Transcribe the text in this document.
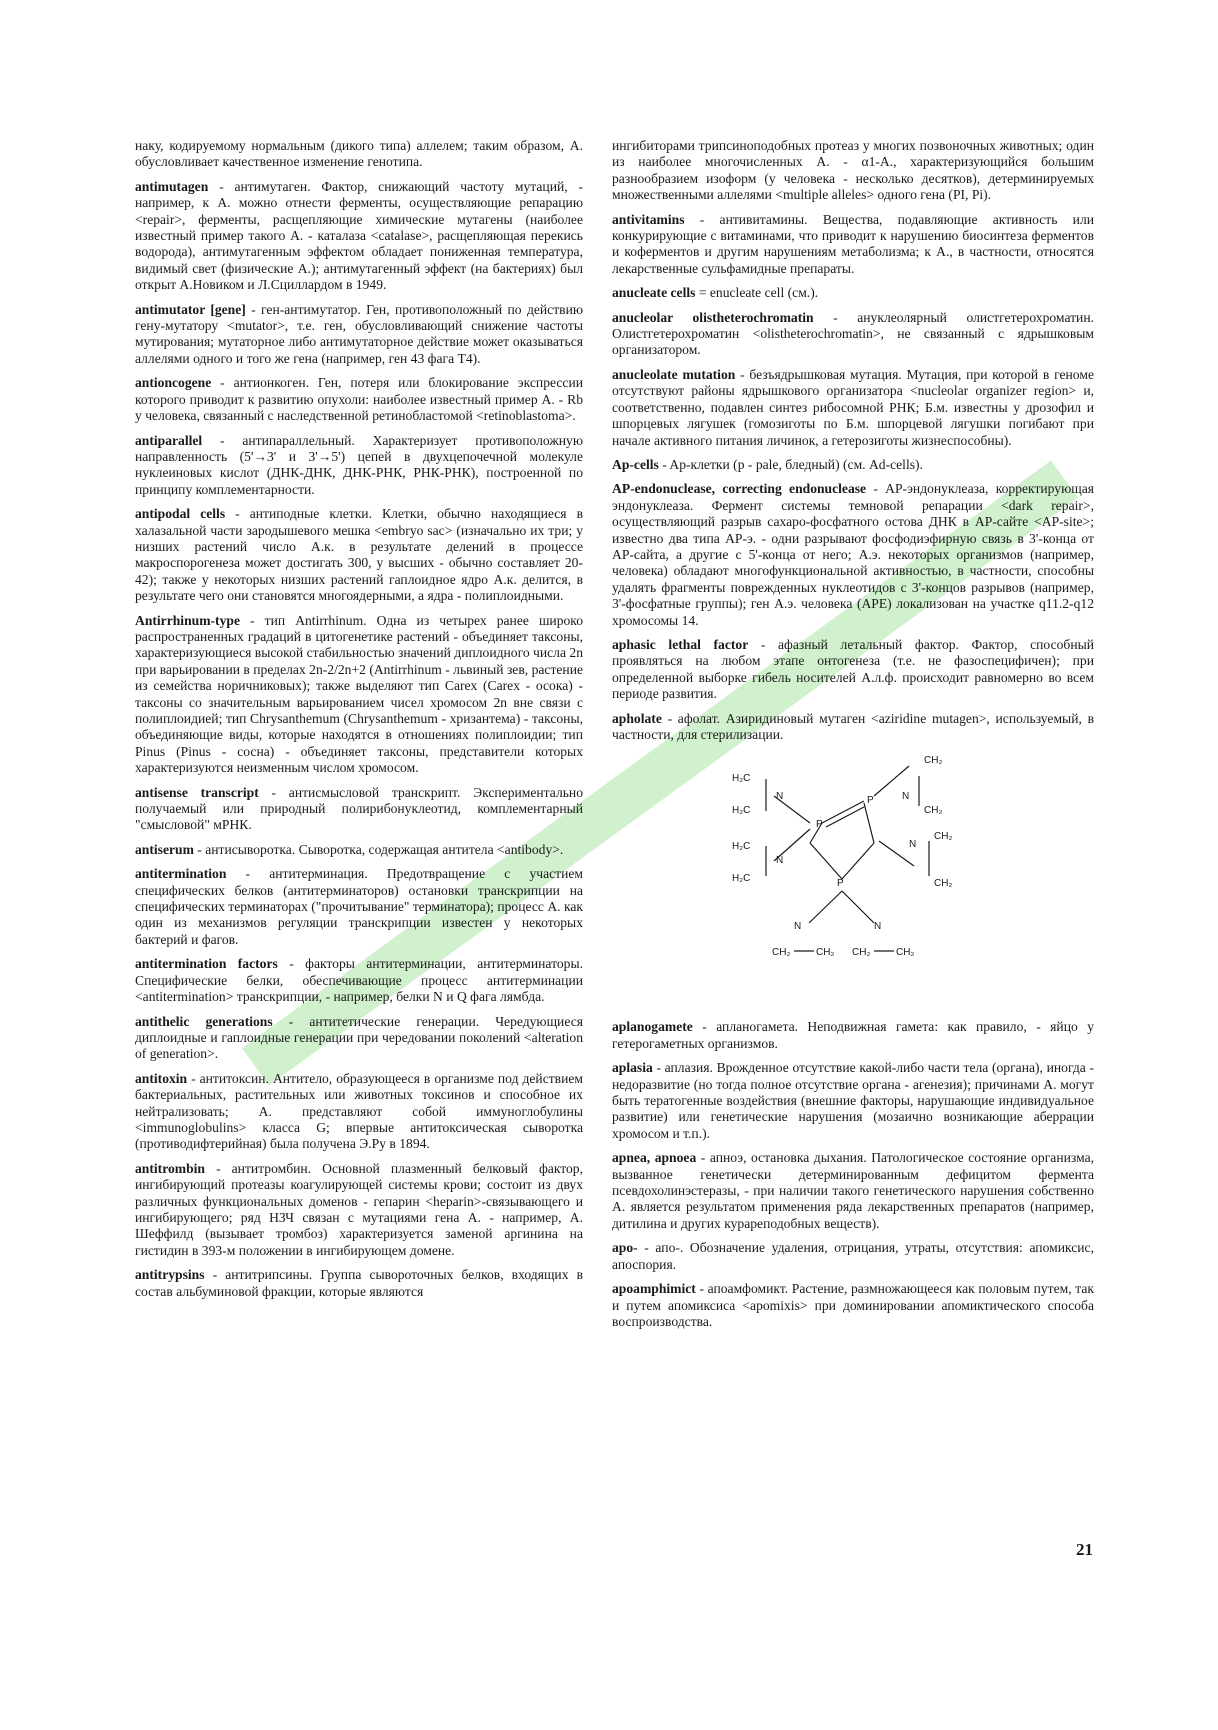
наку, кодируемому нормальным (дикого типа) аллелем; таким образом, А. обусловливает качественное изменение генотипа.

antimutagen - антимутаген. Фактор, снижающий частоту мутаций, - например, к А. можно отнести ферменты, осуществляющие репарацию <repair>, ферменты, расщепляющие химические мутагены (наиболее известный пример такого А. - каталаза <catalase>, расщепляющая перекись водорода), антимутагенным эффектом обладает пониженная температура, видимый свет (физические А.); антимутагенный эффект (на бактериях) был открыт А.Новиком и Л.Сциллардом в 1949.

antimutator [gene] - ген-антимутатор. Ген, противоположный по действию гену-мутатору <mutator>, т.е. ген, обусловливающий снижение частоты мутирования; мутаторное либо антимутаторное действие может оказываться аллелями одного и того же гена (например, ген 43 фага Т4).

antioncogene - антионкоген. Ген, потеря или блокирование экспрессии которого приводит к развитию опухоли: наиболее известный пример А. - Rb у человека, связанный с наследственной ретинобластомой <retinoblastoma>.

antiparallel - антипараллельный. Характеризует противоположную направленность (5'→3' и 3'→5') цепей в двухцепочечной молекуле нуклеиновых кислот (ДНК-ДНК, ДНК-РНК, РНК-РНК), построенной по принципу комплементарности.

antipodal cells - антиподные клетки. Клетки, обычно находящиеся в халазальной части зародышевого мешка <embryo sac> (изначально их три; у низших растений число А.к. в результате делений в процессе макроспорогенеза может достигать 300, у высших - обычно составляет 20-42); также у некоторых низших растений гаплоидное ядро А.к. делится, в результате чего они становятся многоядерными, а ядра - полиплоидными.

Antirrhinum-type - тип Antirrhinum. Одна из четырех ранее широко распространенных градаций в цитогенетике растений - объединяет таксоны, характеризующиеся высокой стабильностью значений диплоидного числа 2n при варьировании в пределах 2n-2/2n+2 (Antirrhinum - львиный зев, растение из семейства норичниковых); также выделяют тип Carex (Carex - осока) - таксоны со значительным варьированием чисел хромосом 2n вне связи с полиплоидией; тип Chrysanthemum (Chrysanthemum - хризантема) - таксоны, объединяющие виды, которые находятся в отношениях полиплоидии; тип Pinus (Pinus - сосна) - объединяет таксоны, представители которых характеризуются неизменным числом хромосом.

antisense transcript - антисмысловой транскрипт. Экспериментально получаемый или природный полирибонуклеотид, комплементарный "смысловой" мРНК.

antiserum - антисыворотка. Сыворотка, содержащая антитела <antibody>.

antitermination - антитерминация. Предотвращение с участием специфических белков (антитерминаторов) остановки транскрипции на специфических терминаторах ("прочитывание" терминатора); процесс А. как один из механизмов регуляции транскрипции известен у некоторых бактерий и фагов.

antitermination factors - факторы антитерминации, антитерминаторы. Специфические белки, обеспечивающие процесс антитерминации <antitermination> транскрипции, - например, белки N и Q фага лямбда.

antithelic generations - антитетические генерации. Чередующиеся диплоидные и гаплоидные генерации при чередовании поколений <alteration of generation>.

antitoxin - антитоксин. Антитело, образующееся в организме под действием бактериальных, растительных или животных токсинов и способное их нейтрализовать; А. представляют собой иммуноглобулины <immunoglobulins> класса G; впервые антитоксическая сыворотка (противодифтерийная) была получена Э.Ру в 1894.

antitrombin - антитромбин. Основной плазменный белковый фактор, ингибирующий протеазы коагулирующей системы крови; состоит из двух различных функциональных доменов - гепарин <heparin>-связывающего и ингибирующего; ряд НЗЧ связан с мутациями гена А. - например, А. Шеффилд (вызывает тромбоз) характеризуется заменой аргинина на гистидин в 393-м положении в ингибирующем домене.

antitrypsins - антитрипсины. Группа сывороточных белков, входящих в состав альбуминовой фракции, которые являются

ингибиторами трипсиноподобных протеаз у многих позвоночных животных; один из наиболее многочисленных А. - α1-А., характеризующийся большим разнообразием изоформ (у человека - несколько десятков), детерминируемых множественными аллелями <multiple alleles> одного гена (PI, Pi).

antivitamins - антивитамины. Вещества, подавляющие активность или конкурирующие с витаминами, что приводит к нарушению биосинтеза ферментов и коферментов и другим нарушениям метаболизма; к А., в частности, относятся лекарственные сульфамидные препараты.

anucleate cells = enucleate cell (см.).

anucleolar olistheterochromatin - ануклеолярный олистгетерохроматин. Олистгетерохроматин <olistheterochromatin>, не связанный с ядрышковым организатором.

anucleolate mutation - безъядрышковая мутация. Мутация, при которой в геноме отсутствуют районы ядрышкового организатора <nucleolar organizer region> и, соответственно, подавлен синтез рибосомной РНК; Б.м. известны у дрозофил и шпорцевых лягушек (гомозиготы по Б.м. шпорцевой лягушки погибают при начале активного питания личинок, а гетерозиготы жизнеспособны).

Ap-cells - Ap-клетки (p - pale, бледный) (см. Ad-cells).

AP-endonuclease, correcting endonuclease - АР-эндонуклеаза, корректирующая эндонуклеаза. Фермент системы темновой репарации <dark repair>, осуществляющий разрыв сахаро-фосфатного остова ДНК в АР-сайте <AP-site>; известно два типа АР-э. - одни разрывают фосфодиэфирную связь в 3'-конца от АР-сайта, а другие с 5'-конца от него; А.э. некоторых организмов (например, человека) обладают многофункциональной активностью, в частности, способны удалять фрагменты поврежденных нуклеотидов с 3'-концов разрывов (например, 3'-фосфатные группы); ген А.э. человека (APE) локализован на участке q11.2-q12 хромосомы 14.

aphasic lethal factor - афазный летальный фактор. Фактор, способный проявляться на любом этапе онтогенеза (т.е. не фазоспецифичен); при определенной выборке гибель носителей А.л.ф. происходит равномерно во всем периоде развития.

apholate - афолат. Азиридиновый мутаген <aziridine mutagen>, используемый, в частности, для стерилизации.

H₂C
H₂C
H₂C
H₂C
N
N
P
P
P
N
N
CH₂
CH₂
CH₂
CH₂
N	N
CH₂	CH₂ CH₂	CH₂

aplanogamete - апланогамета. Неподвижная гамета: как правило, - яйцо у гетерогаметных организмов.

aplasia - аплазия. Врожденное отсутствие какой-либо части тела (органа), иногда - недоразвитие (но тогда полное отсутствие органа - агенезия); причинами А. могут быть тератогенные воздействия (внешние факторы, нарушающие индивидуальное развитие) или генетические нарушения (мозаично возникающие аберрации хромосом и т.п.).

apnea, apnoea - апноэ, остановка дыхания. Патологическое состояние организма, вызванное генетически детерминированным дефицитом фермента псевдохолинэстеразы, - при наличии такого генетического нарушения собственно А. является результатом применения ряда лекарственных препаратов (например, дитилина и других курареподобных веществ).

apo- - апо-. Обозначение удаления, отрицания, утраты, отсутствия: апомиксис, апоспория.

apoamphimict - апоамфомикт. Растение, размножающееся как половым путем, так и путем апомиксиса <apomixis> при доминировании апомиктического способа воспроизводства.

21
